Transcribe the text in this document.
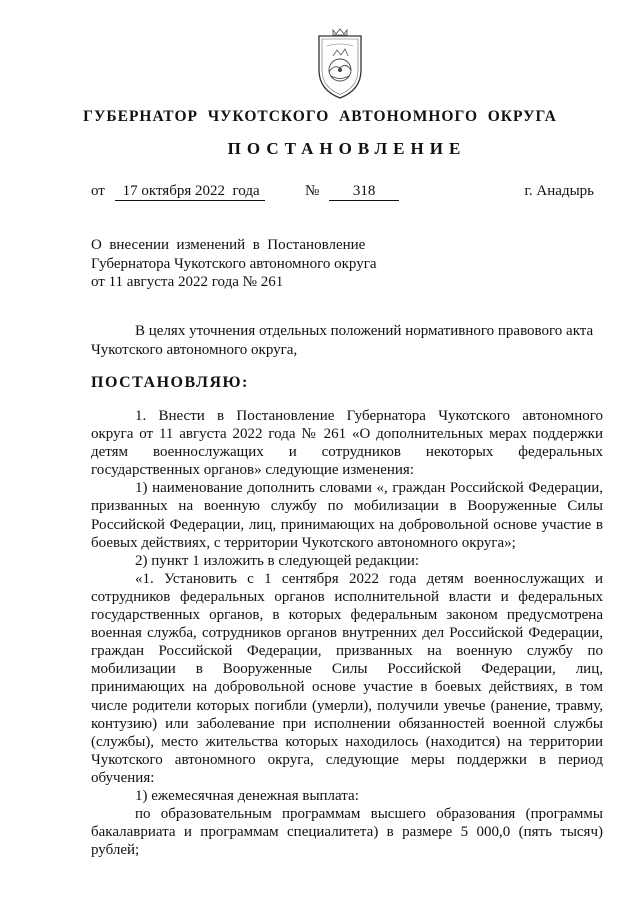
ГУБЕРНАТОР  ЧУКОТСКОГО  АВТОНОМНОГО  ОКРУГА
ПОСТАНОВЛЕНИЕ
от 17 октября 2022  года	№ 318	г. Анадырь
О  внесении  изменений  в  Постановление
Губернатора Чукотского автономного округа
от 11 августа 2022 года № 261
В целях уточнения отдельных положений нормативного правового акта
Чукотского автономного округа,
ПОСТАНОВЛЯЮ:
1. Внести в Постановление Губернатора Чукотского автономного
округа от 11 августа 2022 года № 261 «О дополнительных мерах поддержки
детям военнослужащих и сотрудников некоторых федеральных
государственных органов» следующие изменения:
1) наименование дополнить словами «, граждан Российской Федерации,
призванных на военную службу по мобилизации в Вооруженные Силы
Российской Федерации, лиц, принимающих на добровольной основе участие в
боевых действиях, с территории Чукотского автономного округа»;
2) пункт 1 изложить в следующей редакции:
«1. Установить с 1 сентября 2022 года детям военнослужащих и
сотрудников федеральных органов исполнительной власти и федеральных
государственных органов, в которых федеральным законом предусмотрена
военная служба, сотрудников органов внутренних дел Российской Федерации,
граждан Российской Федерации, призванных на военную службу по
мобилизации в Вооруженные Силы Российской Федерации, лиц,
принимающих на добровольной основе участие в боевых действиях, в том
числе родители которых погибли (умерли), получили увечье (ранение, травму,
контузию) или заболевание при исполнении обязанностей военной службы
(службы), место жительства которых находилось (находится) на территории
Чукотского автономного округа, следующие меры поддержки в период
обучения:
1) ежемесячная денежная выплата:
по образовательным программам высшего образования (программы
бакалавриата и программам специалитета) в размере 5 000,0 (пять тысяч)
рублей;
